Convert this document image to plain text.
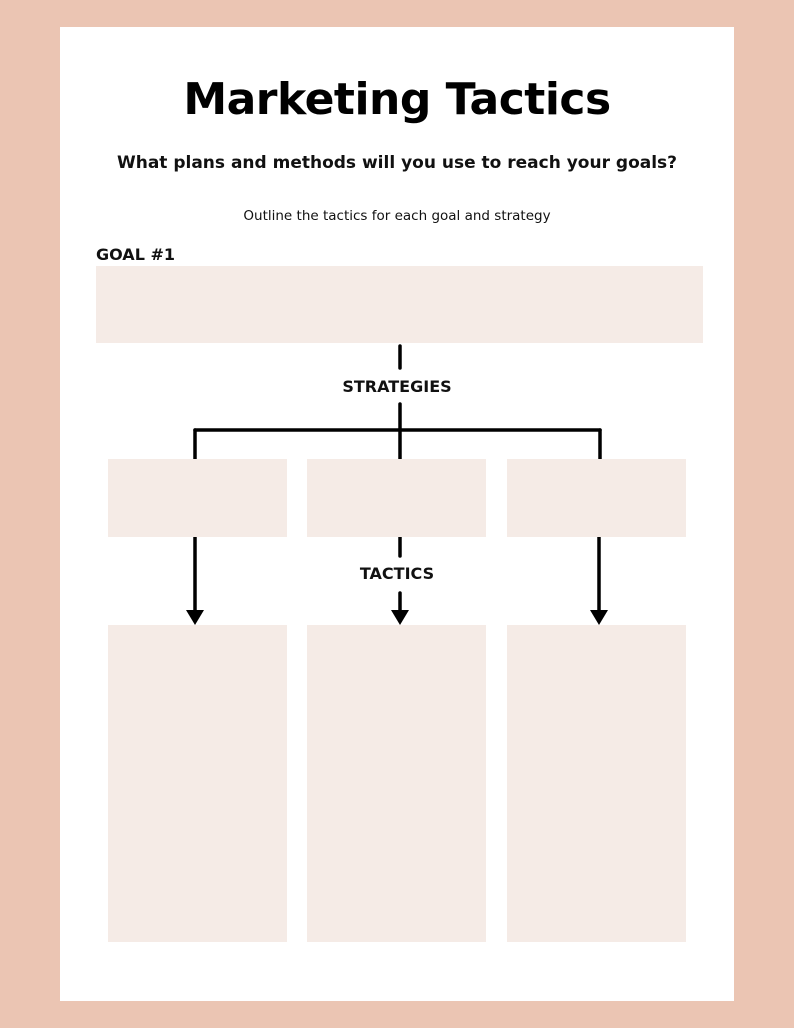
Marketing Tactics
What plans and methods will you use to reach your goals?
Outline the tactics for each goal and strategy
GOAL #1
STRATEGIES
TACTICS
